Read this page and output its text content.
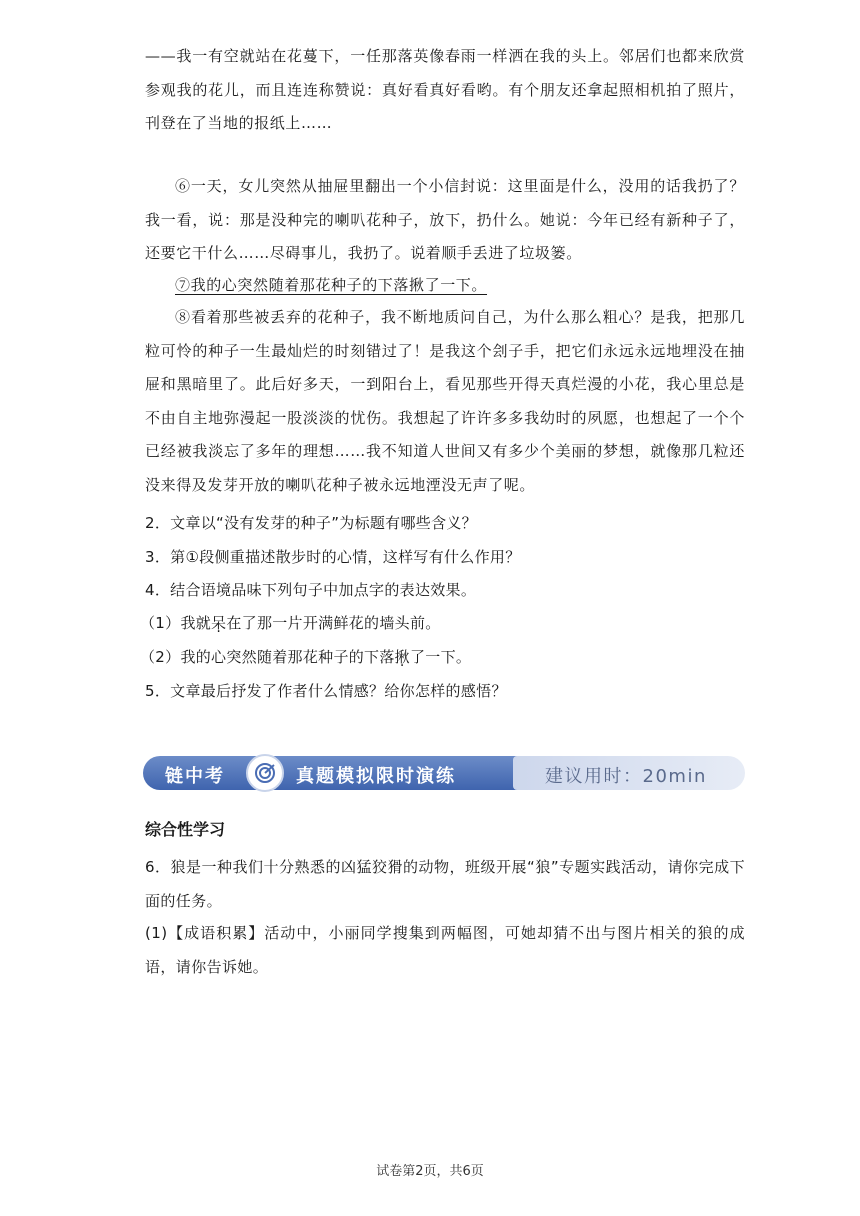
——我一有空就站在花蔓下，一任那落英像春雨一样洒在我的头上。邻居们也都来欣赏参观我的花儿，而且连连称赞说：真好看真好看哟。有个朋友还拿起照相机拍了照片，刊登在了当地的报纸上……

⑥一天，女儿突然从抽屉里翻出一个小信封说：这里面是什么，没用的话我扔了？我一看，说：那是没种完的喇叭花种子，放下，扔什么。她说：今年已经有新种子了，还要它干什么……尽碍事儿，我扔了。说着顺手丢进了垃圾篓。

⑦我的心突然随着那花种子的下落揪了一下。

⑧看着那些被丢弃的花种子，我不断地质问自己，为什么那么粗心？是我，把那几粒可怜的种子一生最灿烂的时刻错过了！是我这个刽子手，把它们永远永远地埋没在抽屉和黑暗里了。此后好多天，一到阳台上，看见那些开得天真烂漫的小花，我心里总是不由自主地弥漫起一股淡淡的忧伤。我想起了许许多多我幼时的夙愿，也想起了一个个已经被我淡忘了多年的理想……我不知道人世间又有多少个美丽的梦想，就像那几粒还没来得及发芽开放的喇叭花种子被永远地湮没无声了呢。

2．文章以“没有发芽的种子”为标题有哪些含义？
3．第①段侧重描述散步时的心情，这样写有什么作用？
4．结合语境品味下列句子中加点字的表达效果。
（1）我就呆在了那一片开满鲜花的墙头前。
（2）我的心突然随着那花种子的下落揪了一下。
5．文章最后抒发了作者什么情感？给你怎样的感悟？
链中考	真题模拟限时演练	建议用时：20min
综合性学习

6．狼是一种我们十分熟悉的凶猛狡猾的动物，班级开展“狼”专题实践活动，请你完成下面的任务。

(1)【成语积累】活动中，小丽同学搜集到两幅图，可她却猜不出与图片相关的狼的成语，请你告诉她。

试卷第2页，共6页
